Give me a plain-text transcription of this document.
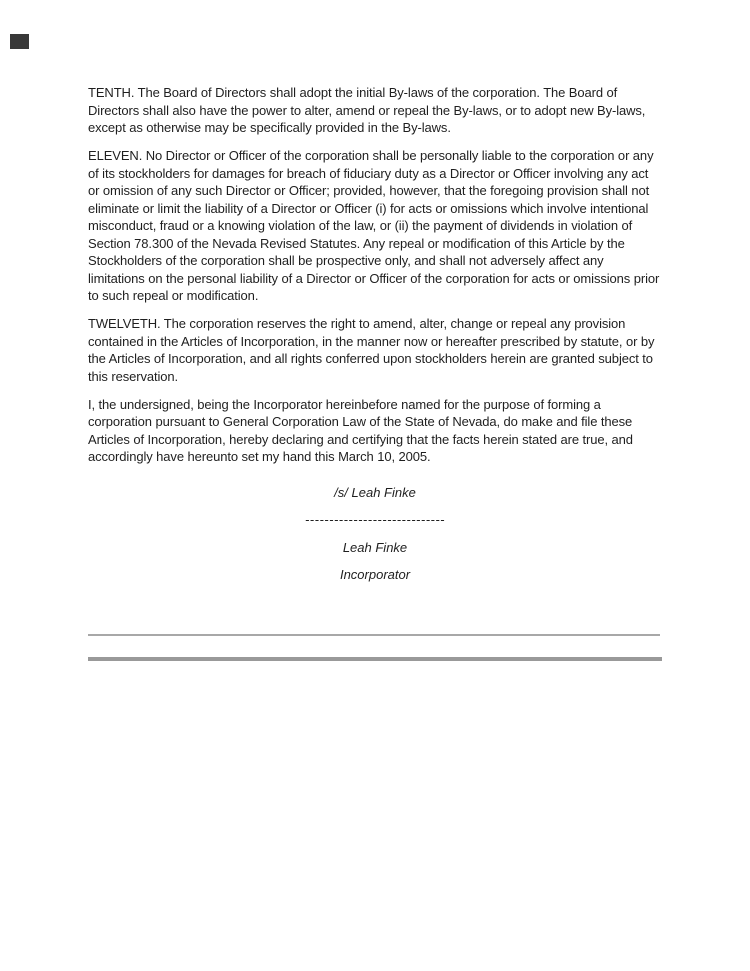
TENTH. The Board of Directors shall adopt the initial By-laws of the corporation. The Board of Directors shall also have the power to alter, amend or repeal the By-laws, or to adopt new By-laws, except as otherwise may be specifically provided in the By-laws.

ELEVEN. No Director or Officer of the corporation shall be personally liable to the corporation or any of its stockholders for damages for breach of fiduciary duty as a Director or Officer involving any act or omission of any such Director or Officer; provided, however, that the foregoing provision shall not eliminate or limit the liability of a Director or Officer (i) for acts or omissions which involve intentional misconduct, fraud or a knowing violation of the law, or (ii) the payment of dividends in violation of Section 78.300 of the Nevada Revised Statutes. Any repeal or modification of this Article by the Stockholders of the corporation shall be prospective only, and shall not adversely affect any limitations on the personal liability of a Director or Officer of the corporation for acts or omissions prior to such repeal or modification.

TWELVETH. The corporation reserves the right to amend, alter, change or repeal any provision contained in the Articles of Incorporation, in the manner now or hereafter prescribed by statute, or by the Articles of Incorporation, and all rights conferred upon stockholders herein are granted subject to this reservation.

I, the undersigned, being the Incorporator hereinbefore named for the purpose of forming a corporation pursuant to General Corporation Law of the State of Nevada, do make and file these Articles of Incorporation, hereby declaring and certifying that the facts herein stated are true, and accordingly have hereunto set my hand this March 10, 2005.

/s/ Leah Finke

-----------------------------

Leah Finke

Incorporator
